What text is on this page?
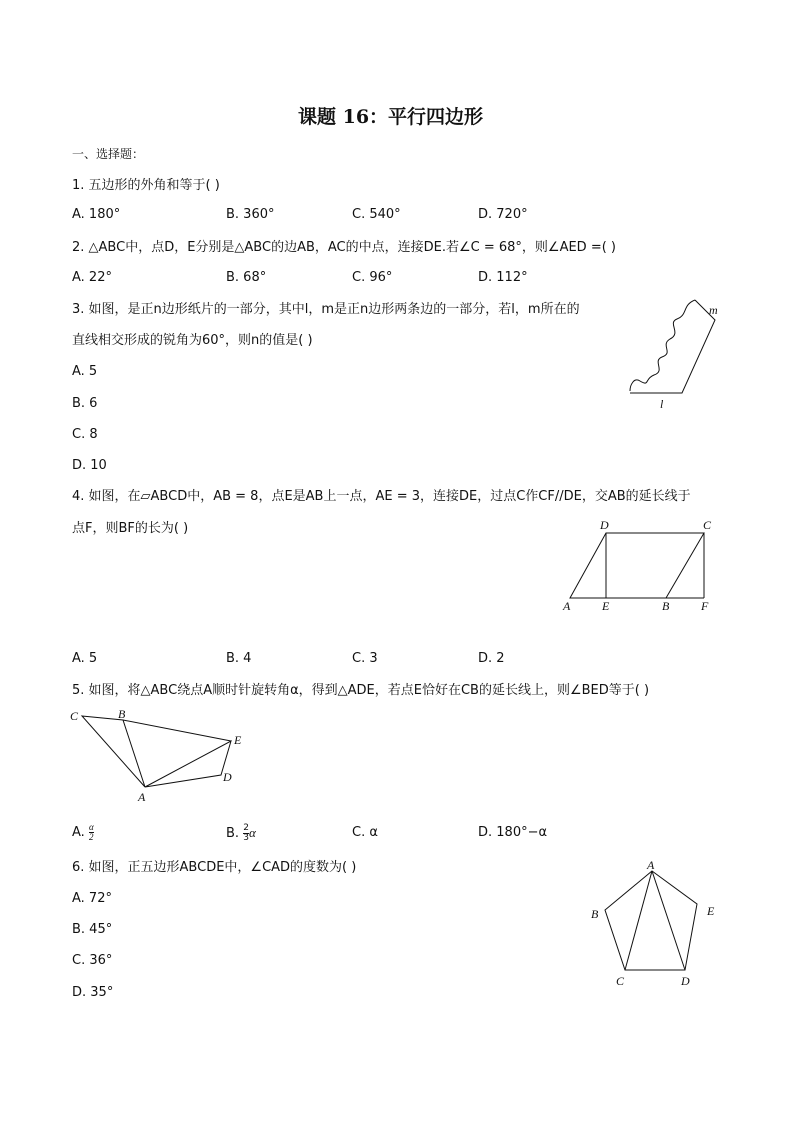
课题 16：平行四边形
一、选择题：
1. 五边形的外角和等于( )
A. 180°	B. 360°	C. 540°	D. 720°
2. △ABC中，点D，E分别是△ABC的边AB，AC的中点，连接DE.若∠C = 68°，则∠AED =( )
A. 22°	B. 68°	C. 96°	D. 112°
3. 如图，是正n边形纸片的一部分，其中l，m是正n边形两条边的一部分，若l，m所在的
直线相交形成的锐角为60°，则n的值是( )
A. 5
B. 6
C. 8
D. 10
m
l
4. 如图，在▱ABCD中，AB = 8，点E是AB上一点，AE = 3，连接DE，过点C作CF//DE，交AB的延长线于
点F，则BF的长为( )	D	C
A	E	B	F
A. 5	B. 4	C. 3	D. 2
5. 如图，将△ABC绕点A顺时针旋转角α，得到△ADE，若点E恰好在CB的延长线上，则∠BED等于( )
C	B
E
D
A
A. $\frac{\alpha}{2}$	B. $\frac{2}{3}$ α	C. α	D. 180°−α
6. 如图，正五边形ABCDE中，∠CAD的度数为( )
A. 72°
B. 45°
C. 36°
D. 35°
A
B	E
C	D
